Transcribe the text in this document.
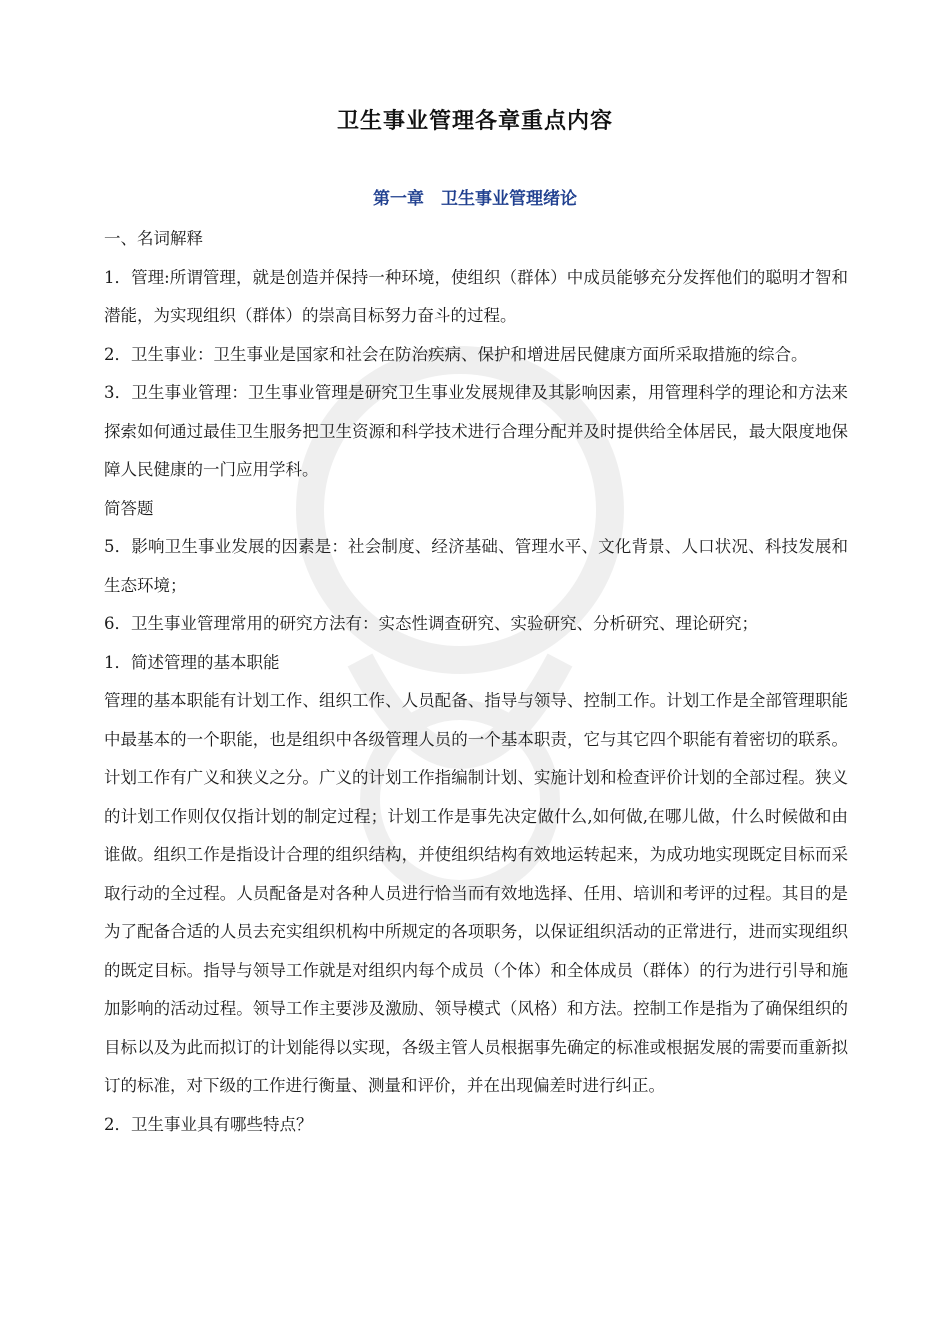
卫生事业管理各章重点内容
第一章　卫生事业管理绪论

一、名词解释

1．管理:所谓管理，就是创造并保持一种环境，使组织（群体）中成员能够充分发挥他们的聪明才智和潜能，为实现组织（群体）的崇高目标努力奋斗的过程。

2．卫生事业：卫生事业是国家和社会在防治疾病、保护和增进居民健康方面所采取措施的综合。

3．卫生事业管理：卫生事业管理是研究卫生事业发展规律及其影响因素，用管理科学的理论和方法来探索如何通过最佳卫生服务把卫生资源和科学技术进行合理分配并及时提供给全体居民，最大限度地保障人民健康的一门应用学科。

简答题

5．影响卫生事业发展的因素是：社会制度、经济基础、管理水平、文化背景、人口状况、科技发展和生态环境；

6．卫生事业管理常用的研究方法有：实态性调查研究、实验研究、分析研究、理论研究；

1．简述管理的基本职能

管理的基本职能有计划工作、组织工作、人员配备、指导与领导、控制工作。计划工作是全部管理职能中最基本的一个职能，也是组织中各级管理人员的一个基本职责，它与其它四个职能有着密切的联系。计划工作有广义和狭义之分。广义的计划工作指编制计划、实施计划和检查评价计划的全部过程。狭义的计划工作则仅仅指计划的制定过程；计划工作是事先决定做什么,如何做,在哪儿做，什么时候做和由谁做。组织工作是指设计合理的组织结构，并使组织结构有效地运转起来，为成功地实现既定目标而采取行动的全过程。人员配备是对各种人员进行恰当而有效地选择、任用、培训和考评的过程。其目的是为了配备合适的人员去充实组织机构中所规定的各项职务，以保证组织活动的正常进行，进而实现组织的既定目标。指导与领导工作就是对组织内每个成员（个体）和全体成员（群体）的行为进行引导和施加影响的活动过程。领导工作主要涉及激励、领导模式（风格）和方法。控制工作是指为了确保组织的目标以及为此而拟订的计划能得以实现，各级主管人员根据事先确定的标准或根据发展的需要而重新拟订的标准，对下级的工作进行衡量、测量和评价，并在出现偏差时进行纠正。

2．卫生事业具有哪些特点？
